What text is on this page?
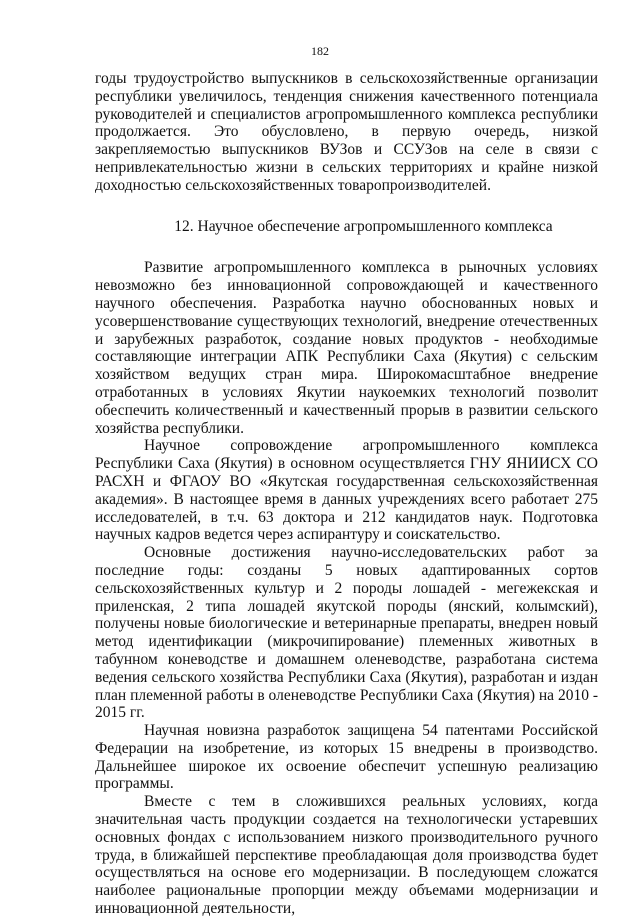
182

годы трудоустройство выпускников в сельскохозяйственные организации республики увеличилось, тенденция снижения качественного потенциала руководителей и специалистов агропромышленного комплекса республики продолжается. Это обусловлено, в первую очередь, низкой закрепляемостью выпускников ВУЗов и ССУЗов на селе в связи с непривлекательностью жизни в сельских территориях и крайне низкой доходностью сельскохозяйственных товаропроизводителей.

12. Научное обеспечение агропромышленного комплекса

Развитие агропромышленного комплекса в рыночных условиях невозможно без инновационной сопровождающей и качественного научного обеспечения. Разработка научно обоснованных новых и усовершенствование существующих технологий, внедрение отечественных и зарубежных разработок, создание новых продуктов - необходимые составляющие интеграции АПК Республики Саха (Якутия) с сельским хозяйством ведущих стран мира. Широкомасштабное внедрение отработанных в условиях Якутии наукоемких технологий позволит обеспечить количественный и качественный прорыв в развитии сельского хозяйства республики.

Научное сопровождение агропромышленного комплекса Республики Саха (Якутия) в основном осуществляется ГНУ ЯНИИСХ СО РАСХН и ФГАОУ ВО «Якутская государственная сельскохозяйственная академия». В настоящее время в данных учреждениях всего работает 275 исследователей, в т.ч. 63 доктора и 212 кандидатов наук. Подготовка научных кадров ведется через аспирантуру и соискательство.

Основные достижения научно-исследовательских работ за последние годы: созданы 5 новых адаптированных сортов сельскохозяйственных культур и 2 породы лошадей - мегежекская и приленская, 2 типа лошадей якутской породы (янский, колымский), получены новые биологические и ветеринарные препараты, внедрен новый метод идентификации (микрочипирование) племенных животных в табунном коневодстве и домашнем оленеводстве, разработана система ведения сельского хозяйства Республики Саха (Якутия), разработан и издан план племенной работы в оленеводстве Республики Саха (Якутия) на 2010 - 2015 гг.

Научная новизна разработок защищена 54 патентами Российской Федерации на изобретение, из которых 15 внедрены в производство. Дальнейшее широкое их освоение обеспечит успешную реализацию программы.

Вместе с тем в сложившихся реальных условиях, когда значительная часть продукции создается на технологически устаревших основных фондах с использованием низкого производительного ручного труда, в ближайшей перспективе преобладающая доля производства будет осуществляться на основе его модернизации. В последующем сложатся наиболее рациональные пропорции между объемами модернизации и инновационной деятельности,
